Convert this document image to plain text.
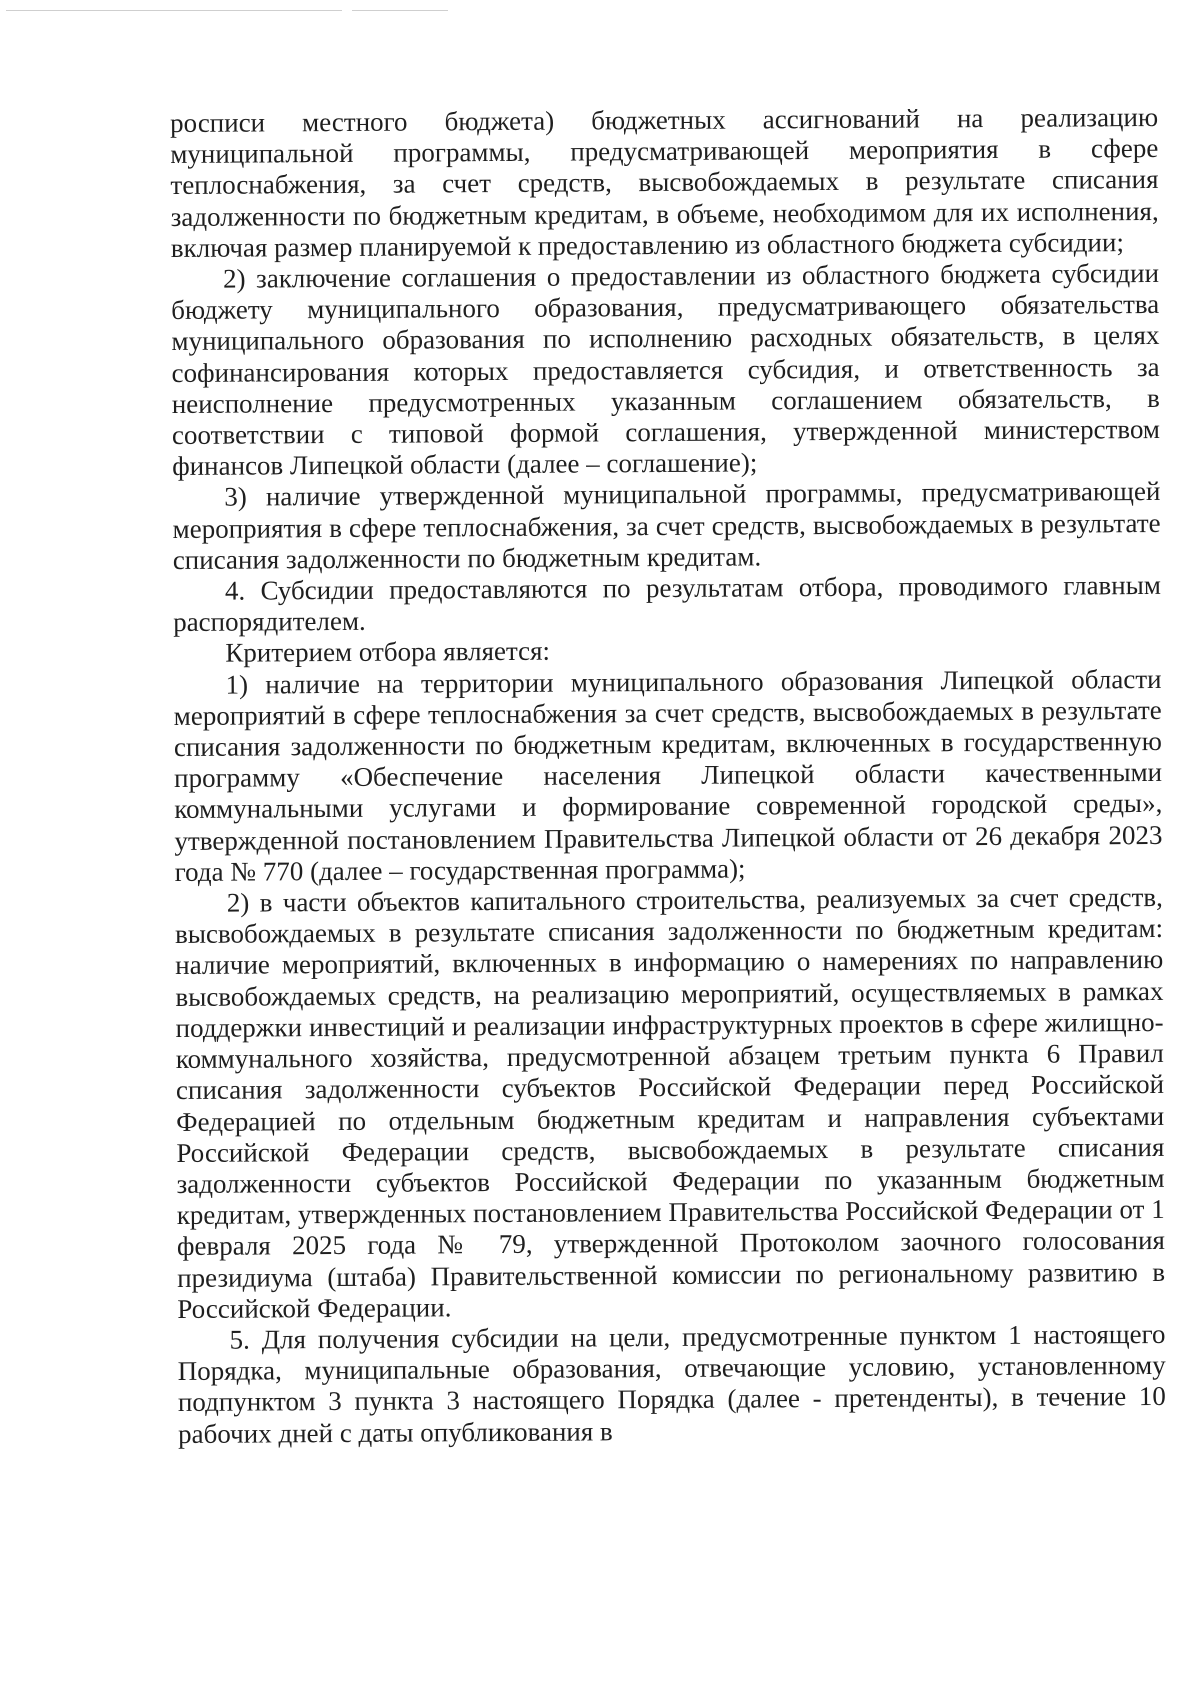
росписи местного бюджета) бюджетных ассигнований на реализацию муниципальной программы, предусматривающей мероприятия в сфере теплоснабжения, за счет средств, высвобождаемых в результате списания задолженности по бюджетным кредитам, в объеме, необходимом для их исполнения, включая размер планируемой к предоставлению из областного бюджета субсидии;

2) заключение соглашения о предоставлении из областного бюджета субсидии бюджету муниципального образования, предусматривающего обязательства муниципального образования по исполнению расходных обязательств, в целях софинансирования которых предоставляется субсидия, и ответственность за неисполнение предусмотренных указанным соглашением обязательств, в соответствии с типовой формой соглашения, утвержденной министерством финансов Липецкой области (далее – соглашение);

3) наличие утвержденной муниципальной программы, предусматривающей мероприятия в сфере теплоснабжения, за счет средств, высвобождаемых в результате списания задолженности по бюджетным кредитам.

4. Субсидии предоставляются по результатам отбора, проводимого главным распорядителем.

Критерием отбора является:

1) наличие на территории муниципального образования Липецкой области мероприятий в сфере теплоснабжения за счет средств, высвобождаемых в результате списания задолженности по бюджетным кредитам, включенных в государственную программу «Обеспечение населения Липецкой области качественными коммунальными услугами и формирование современной городской среды», утвержденной постановлением Правительства Липецкой области от 26 декабря 2023 года № 770 (далее – государственная программа);

2) в части объектов капитального строительства, реализуемых за счет средств, высвобождаемых в результате списания задолженности по бюджетным кредитам: наличие мероприятий, включенных в информацию о намерениях по направлению высвобождаемых средств, на реализацию мероприятий, осуществляемых в рамках поддержки инвестиций и реализации инфраструктурных проектов в сфере жилищно-коммунального хозяйства, предусмотренной абзацем третьим пункта 6 Правил списания задолженности субъектов Российской Федерации перед Российской Федерацией по отдельным бюджетным кредитам и направления субъектами Российской Федерации средств, высвобождаемых в результате списания задолженности субъектов Российской Федерации по указанным бюджетным кредитам, утвержденных постановлением Правительства Российской Федерации от 1 февраля 2025 года № 79, утвержденной Протоколом заочного голосования президиума (штаба) Правительственной комиссии по региональному развитию в Российской Федерации.

5. Для получения субсидии на цели, предусмотренные пунктом 1 настоящего Порядка, муниципальные образования, отвечающие условию, установленному подпунктом 3 пункта 3 настоящего Порядка (далее - претенденты), в течение 10 рабочих дней с даты опубликования в
